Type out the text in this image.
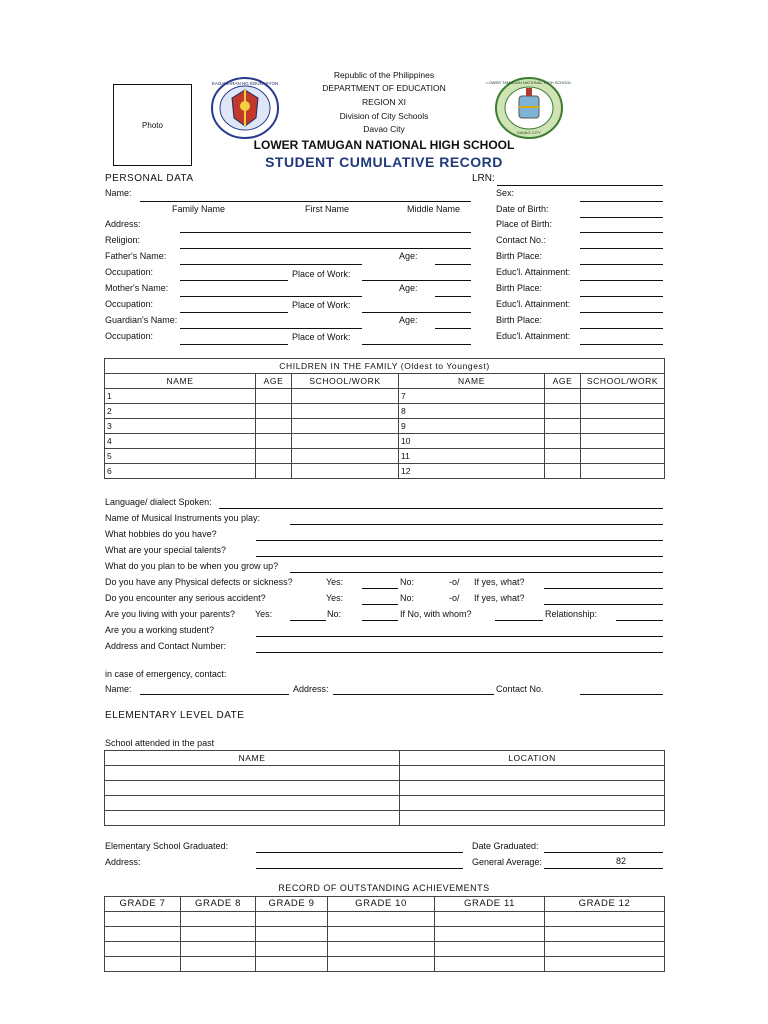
Photo
KAGAWARAN NG EDUKASYON	LOWER TAMUGAN NATIONAL HIGH SCHOOL
DAVAO CITY
Republic of the Philippines
DEPARTMENT OF EDUCATION
REGION XI
Division of City Schools
Davao City
LOWER TAMUGAN NATIONAL HIGH SCHOOL
STUDENT CUMULATIVE RECORD
PERSONAL DATA	LRN:
Name:
Family Name	First Name	Middle Name
Address:
Religion:
Father's Name:	Age:
Occupation:	Place of Work:
Mother's Name:	Age:
Occupation:	Place of Work:
Guardian's Name:	Age:
Occupation:	Place of Work:
Sex:
Date of Birth:
Place of Birth:
Contact No.:
Birth Place:
Educ'l. Attainment:
Birth Place:
Educ'l. Attainment:
Birth Place:
Educ'l. Attainment:
CHILDREN IN THE FAMILY (Oldest to Youngest)					
NAME	AGE	SCHOOL/WORK	NAME	AGE	SCHOOL/WORK
1			7		
2			8		
3			9		
4			10		
5			11		
6			12		
Language/ dialect Spoken:
Name of Musical Instruments you play:
What hobbies do you have?
What are your special talents?
What do you plan to be when you grow up?
Do you have any Physical defects or sickness?	Yes:	No:	-o/ If yes, what?
Do you encounter any serious accident?	Yes:	No:	-o/ If yes, what?
Are you living with your parents? Yes:	No:	If No, with whom?	Relationship:
Are you a working student?
Address and Contact Number:
in case of emergency, contact:
Name:	Address:	Contact No.
ELEMENTARY LEVEL DATE
School attended in the past
NAME	LOCATION

Elementary School Graduated:	Date Graduated:
Address:	General Average:	82
RECORD OF OUTSTANDING ACHIEVEMENTS
GRADE 7	GRADE 8	GRADE 9	GRADE 10	GRADE 11	GRADE 12
